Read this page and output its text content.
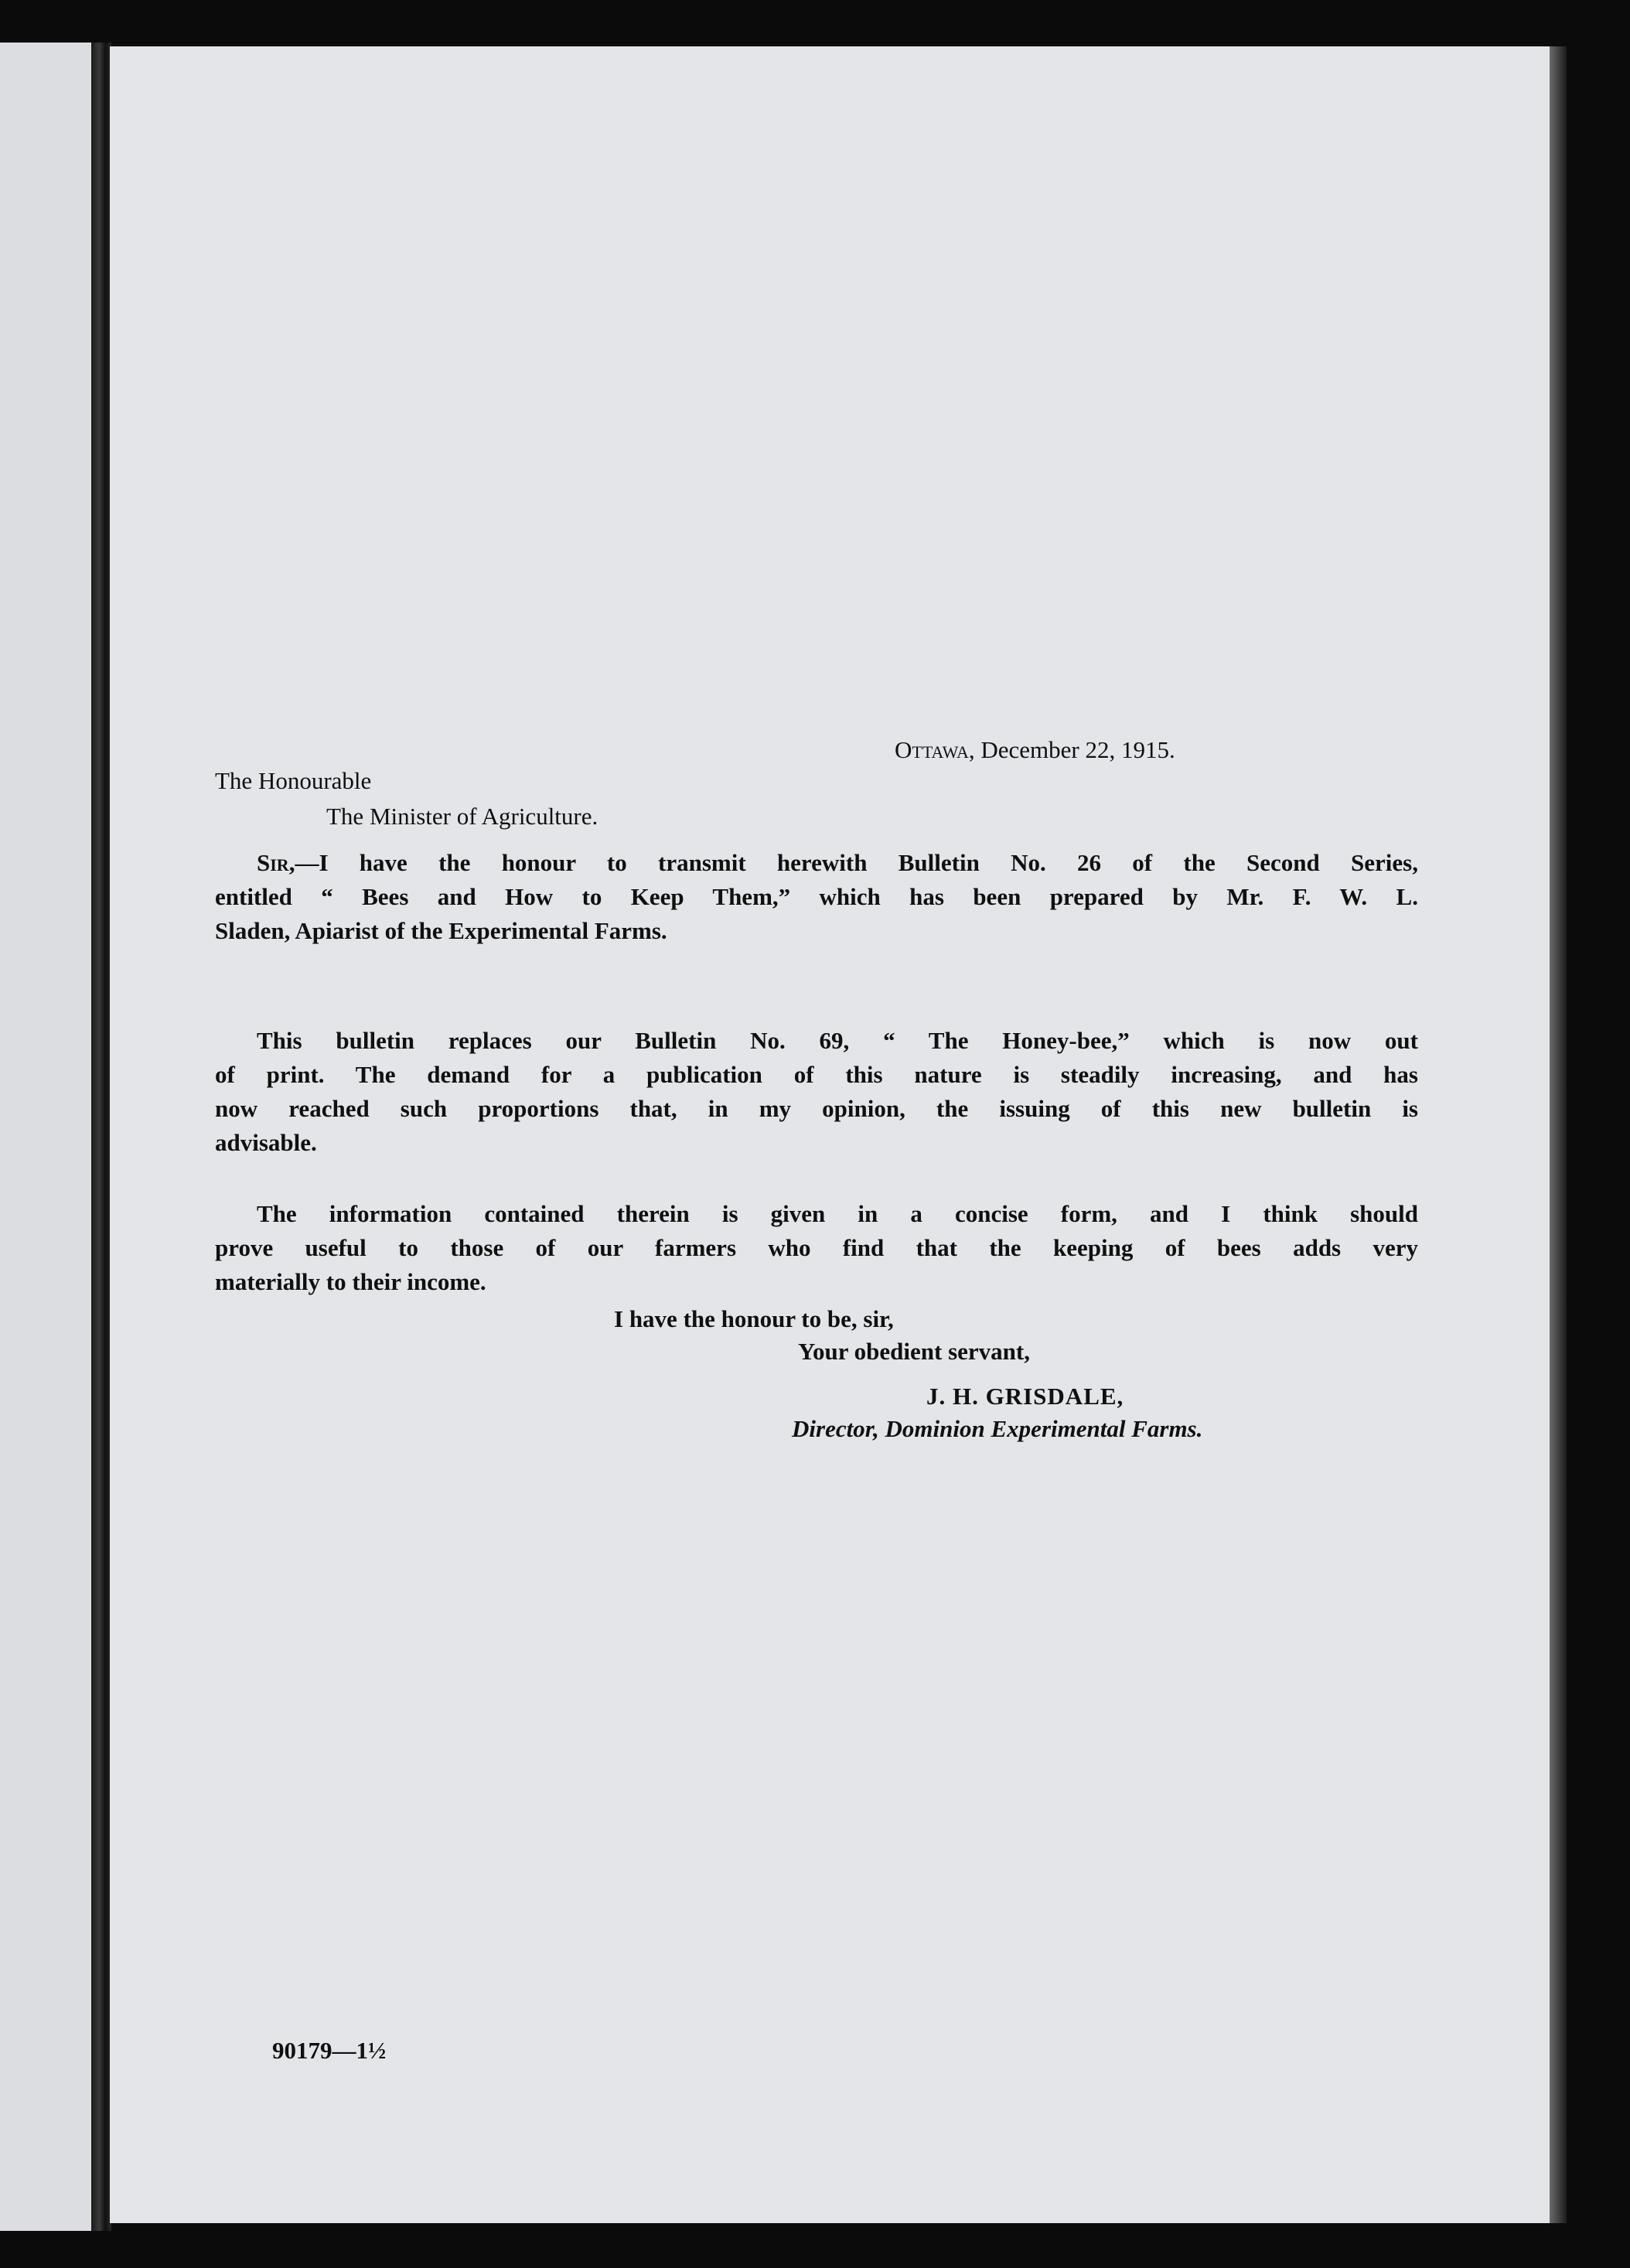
Ottawa, December 22, 1915.
The Honourable
The Minister of Agriculture.
Sir,—I have the honour to transmit herewith Bulletin No. 26 of the Second Series,
entitled “ Bees and How to Keep Them,” which has been prepared by Mr. F. W. L.
Sladen, Apiarist of the Experimental Farms.
This bulletin replaces our Bulletin No. 69, “ The Honey-bee,” which is now out
of print. The demand for a publication of this nature is steadily increasing, and has
now reached such proportions that, in my opinion, the issuing of this new bulletin is
advisable.
The information contained therein is given in a concise form, and I think should
prove useful to those of our farmers who find that the keeping of bees adds very
materially to their income.
I have the honour to be, sir,
Your obedient servant,
J. H. GRISDALE,
Director, Dominion Experimental Farms.
90179—1½
